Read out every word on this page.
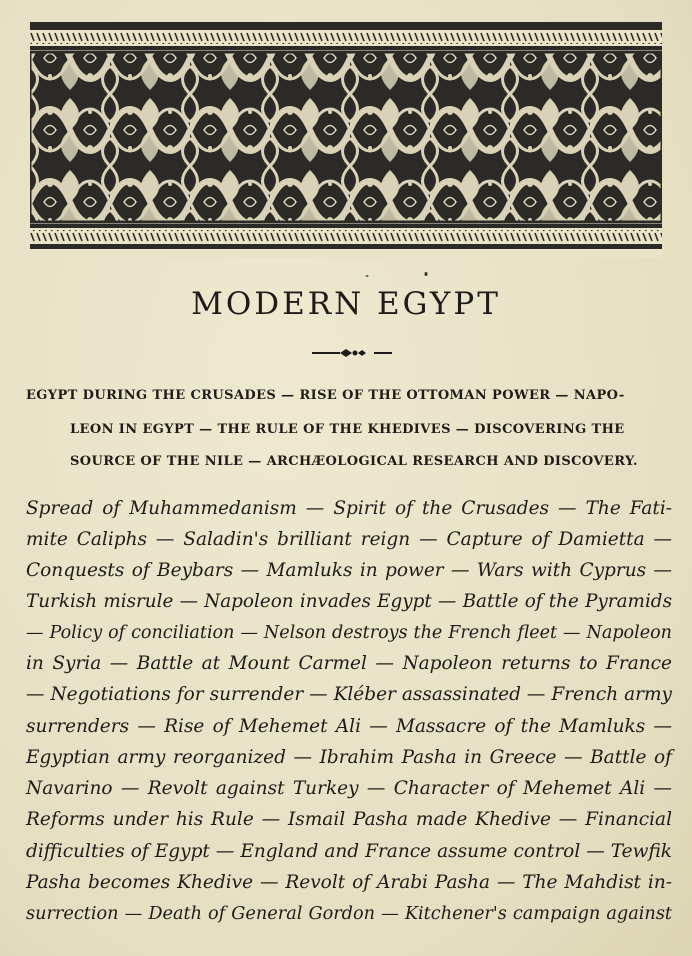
MODERN EGYPT
EGYPT DURING THE CRUSADES — RISE OF THE OTTOMAN POWER — NAPO-
LEON IN EGYPT — THE RULE OF THE KHEDIVES — DISCOVERING THE
SOURCE OF THE NILE — ARCHÆOLOGICAL RESEARCH AND DISCOVERY.
Spread of Muhammedanism — Spirit of the Crusades — The Fati-
mite Caliphs — Saladin's brilliant reign — Capture of Damietta —
Conquests of Beybars — Mamluks in power — Wars with Cyprus —
Turkish misrule — Napoleon invades Egypt — Battle of the Pyramids
— Policy of conciliation — Nelson destroys the French fleet — Napoleon
in Syria — Battle at Mount Carmel — Napoleon returns to France
— Negotiations for surrender — Kléber assassinated — French army
surrenders — Rise of Mehemet Ali — Massacre of the Mamluks —
Egyptian army reorganized — Ibrahim Pasha in Greece — Battle of
Navarino — Revolt against Turkey — Character of Mehemet Ali —
Reforms under his Rule — Ismail Pasha made Khedive — Financial
difficulties of Egypt — England and France assume control — Tewfik
Pasha becomes Khedive — Revolt of Arabi Pasha — The Mahdist in-
surrection — Death of General Gordon — Kitchener's campaign against
